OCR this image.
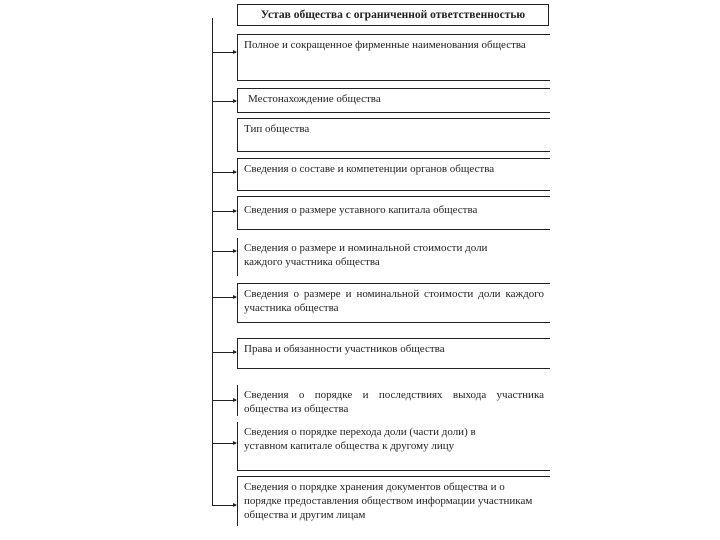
Устав общества с ограниченной ответственностью
Полное и сокращенное фирменные наименования общества
Местонахождение общества
Тип общества
Сведения о составе и компетенции органов общества
Сведения о размере уставного капитала общества
Сведения о размере и номинальной стоимости доли каждого участника общества
Сведения о размере и номинальной стоимости доли каждого участника общества
Права и обязанности участников общества
Сведения о порядке и последствиях выхода участника общества из общества
Сведения о порядке перехода доли (части доли) в уставном капитале общества к другому лицу
Сведения о порядке хранения документов общества и о порядке предоставления обществом информации участникам общества и другим лицам
